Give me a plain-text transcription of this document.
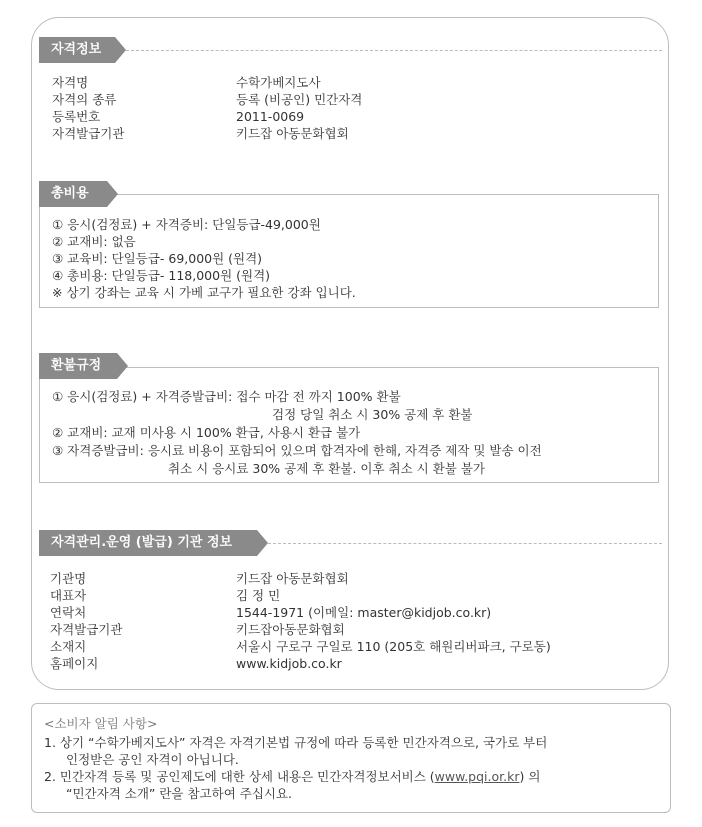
자격정보
자격명	수학가베지도사
자격의 종류	등록 (비공인) 민간자격
등록번호	2011-0069
자격발급기관	키드잡 아동문화협회
총비용
① 응시(검정료) + 자격증비: 단일등급-49,000원
② 교재비: 없음
③ 교육비: 단일등급- 69,000원 (원격)
④ 총비용: 단일등급- 118,000원 (원격)
※ 상기 강좌는 교육 시 가베 교구가 필요한 강좌 입니다.
환불규정
① 응시(검정료) + 자격증발급비: 접수 마감 전 까지 100% 환불
검정 당일 취소 시 30% 공제 후 환불
② 교재비: 교재 미사용 시 100% 환급, 사용시 환급 불가
③ 자격증발급비: 응시료 비용이 포함되어 있으며 합격자에 한해, 자격증 제작 및 발송 이전
취소 시 응시료 30% 공제 후 환불. 이후 취소 시 환불 불가
자격관리.운영 (발급) 기관 정보
기관명	키드잡 아동문화협회
대표자	김 정 민
연락처	1544-1971 (이메일: master@kidjob.co.kr)
자격발급기관	키드잡아동문화협회
소재지	서울시 구로구 구일로 110 (205호 해원리버파크, 구로동)
홈페이지	www.kidjob.co.kr
<소비자 알림 사항>
1. 상기 “수학가베지도사” 자격은 자격기본법 규정에 따라 등록한 민간자격으로, 국가로 부터
인정받은 공인 자격이 아닙니다.
2. 민간자격 등록 및 공인제도에 대한 상세 내용은 민간자격정보서비스 (www.pqi.or.kr) 의
“민간자격 소개” 란을 참고하여 주십시요.
